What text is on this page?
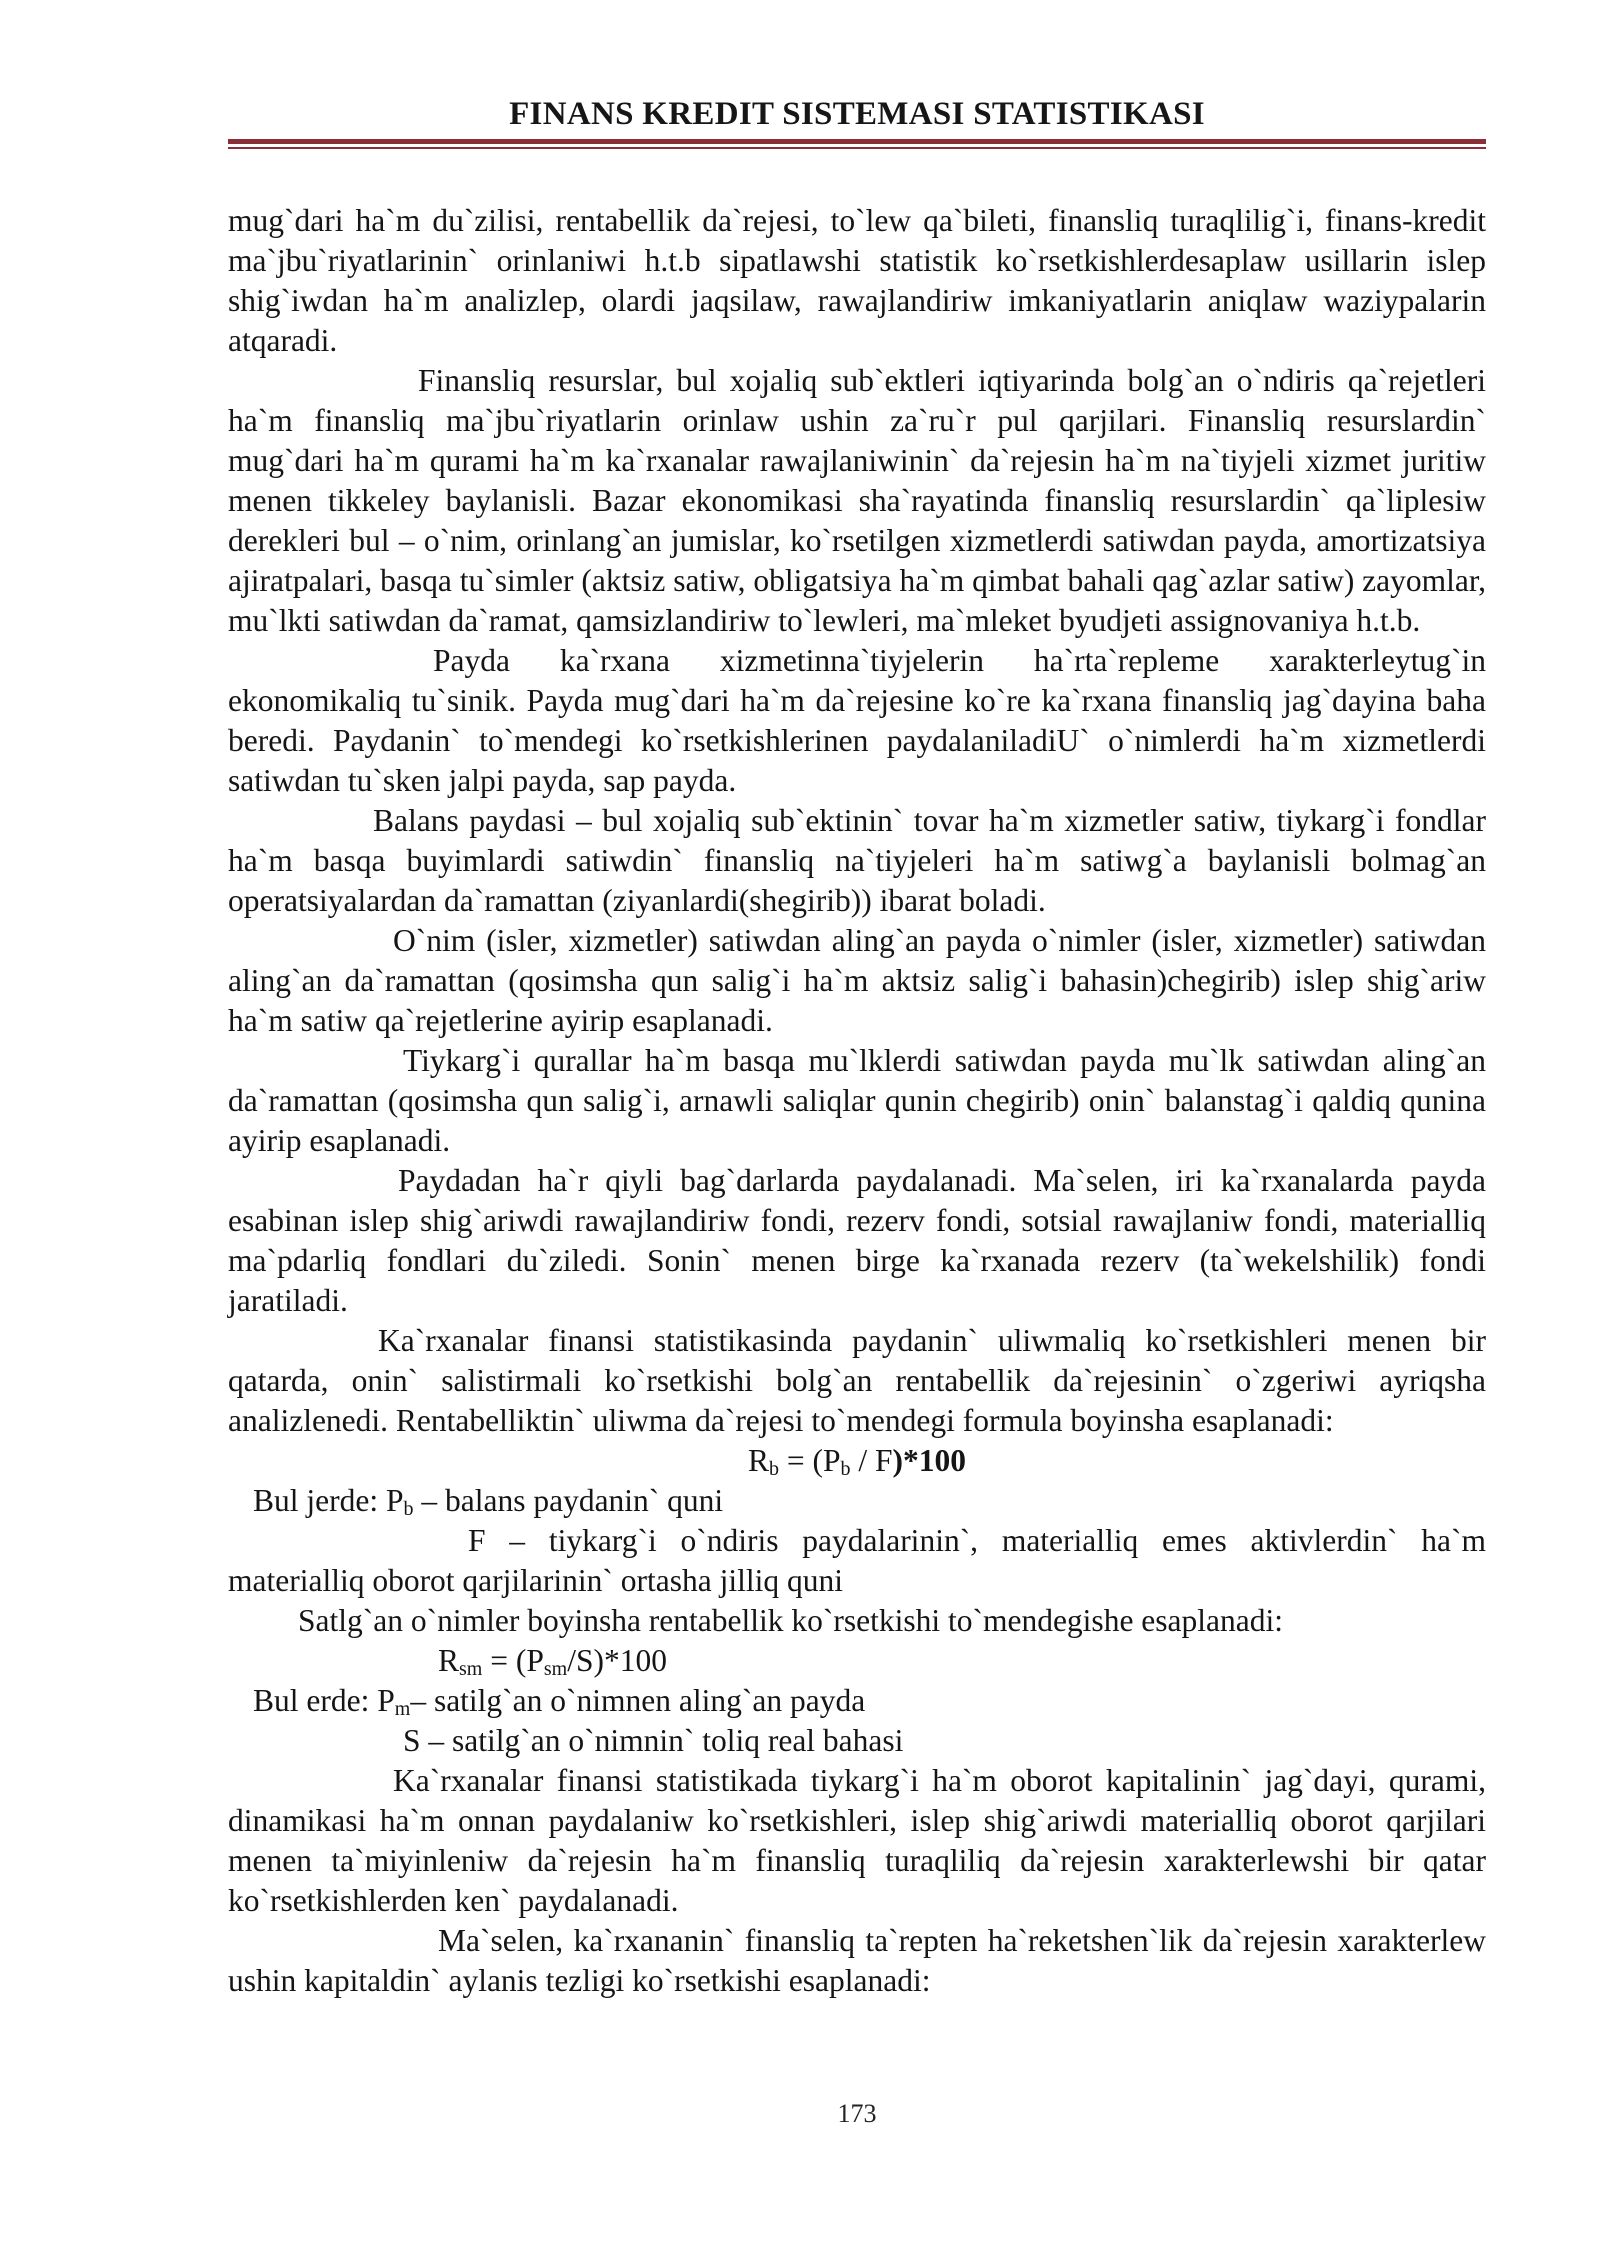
FINANS KREDIT SISTEMASI STATISTIKASI

mug`dari ha`m du`zilisi, rentabellik da`rejesi, to`lew qa`bileti, finansliq turaqlilig`i, finans-kredit ma`jbu`riyatlarinin` orinlaniwi h.t.b sipatlawshi statistik ko`rsetkishlerdesaplaw usillarin islep shig`iwdan ha`m analizlep, olardi jaqsilaw, rawajlandiriw imkaniyatlarin aniqlaw waziypalarin atqaradi.

Finansliq resurslar, bul xojaliq sub`ektleri iqtiyarinda bolg`an o`ndiris qa`rejetleri ha`m finansliq ma`jbu`riyatlarin orinlaw ushin za`ru`r pul qarjilari. Finansliq resurslardin` mug`dari ha`m qurami ha`m ka`rxanalar rawajlaniwinin` da`rejesin ha`m na`tiyjeli xizmet juritiw menen tikkeley baylanisli. Bazar ekonomikasi sha`rayatinda finansliq resurslardin` qa`liplesiw derekleri bul – o`nim, orinlang`an jumislar, ko`rsetilgen xizmetlerdi satiwdan payda, amortizatsiya ajiratpalari, basqa tu`simler (aktsiz satiw, obligatsiya ha`m qimbat bahali qag`azlar satiw) zayomlar, mu`lkti satiwdan da`ramat, qamsizlandiriw to`lewleri, ma`mleket byudjeti assignovaniya h.t.b.

Payda ka`rxana xizmetinna`tiyjelerin ha`rta`repleme xarakterleytug`in ekonomikaliq tu`sinik. Payda mug`dari ha`m da`rejesine ko`re ka`rxana finansliq jag`dayina baha beredi. Paydanin` to`mendegi ko`rsetkishlerinen paydalaniladiU` o`nimlerdi ha`m xizmetlerdi satiwdan tu`sken jalpi payda, sap payda.

Balans paydasi – bul xojaliq sub`ektinin` tovar ha`m xizmetler satiw, tiykarg`i fondlar ha`m basqa buyimlardi satiwdin` finansliq na`tiyjeleri ha`m satiwg`a baylanisli bolmag`an operatsiyalardan da`ramattan (ziyanlardi(shegirib)) ibarat boladi.

O`nim (isler, xizmetler) satiwdan aling`an payda o`nimler (isler, xizmetler) satiwdan aling`an da`ramattan (qosimsha qun salig`i ha`m aktsiz salig`i bahasin)chegirib) islep shig`ariw ha`m satiw qa`rejetlerine ayirip esaplanadi.

Tiykarg`i qurallar ha`m basqa mu`lklerdi satiwdan payda mu`lk satiwdan aling`an da`ramattan (qosimsha qun salig`i, arnawli saliqlar qunin chegirib) onin` balanstag`i qaldiq qunina ayirip esaplanadi.

Paydadan ha`r qiyli bag`darlarda paydalanadi. Ma`selen, iri ka`rxanalarda payda esabinan islep shig`ariwdi rawajlandiriw fondi, rezerv fondi, sotsial rawajlaniw fondi, materialliq ma`pdarliq fondlari du`ziledi. Sonin` menen birge ka`rxanada rezerv (ta`wekelshilik) fondi jaratiladi.

Ka`rxanalar finansi statistikasinda paydanin` uliwmaliq ko`rsetkishleri menen bir qatarda, onin` salistirmali ko`rsetkishi bolg`an rentabellik da`rejesinin` o`zgeriwi ayriqsha analizlenedi. Rentabelliktin` uliwma da`rejesi to`mendegi formula boyinsha esaplanadi:

$R_b = (P_b / F)*100$

Bul jerde: $P_b$ – balans paydanin` quni

F – tiykarg`i o`ndiris paydalarinin`, materialliq emes aktivlerdin` ha`m materialliq oborot qarjilarinin` ortasha jilliq quni

Satlg`an o`nimler boyinsha rentabellik ko`rsetkishi to`mendegishe esaplanadi:

$R_{sm} = (P_{sm}/S)*100$

Bul erde: $P_m-$ satilg`an o`nimnen aling`an payda

S – satilg`an o`nimnin` toliq real bahasi

Ka`rxanalar finansi statistikada tiykarg`i ha`m oborot kapitalinin` jag`dayi, qurami, dinamikasi ha`m onnan paydalaniw ko`rsetkishleri, islep shig`ariwdi materialliq oborot qarjilari menen ta`miyinleniw da`rejesin ha`m finansliq turaqliliq da`rejesin xarakterlewshi bir qatar ko`rsetkishlerden ken` paydalanadi.

Ma`selen, ka`rxananin` finansliq ta`repten ha`reketshen`lik da`rejesin xarakterlew ushin kapitaldin` aylanis tezligi ko`rsetkishi esaplanadi:

173
